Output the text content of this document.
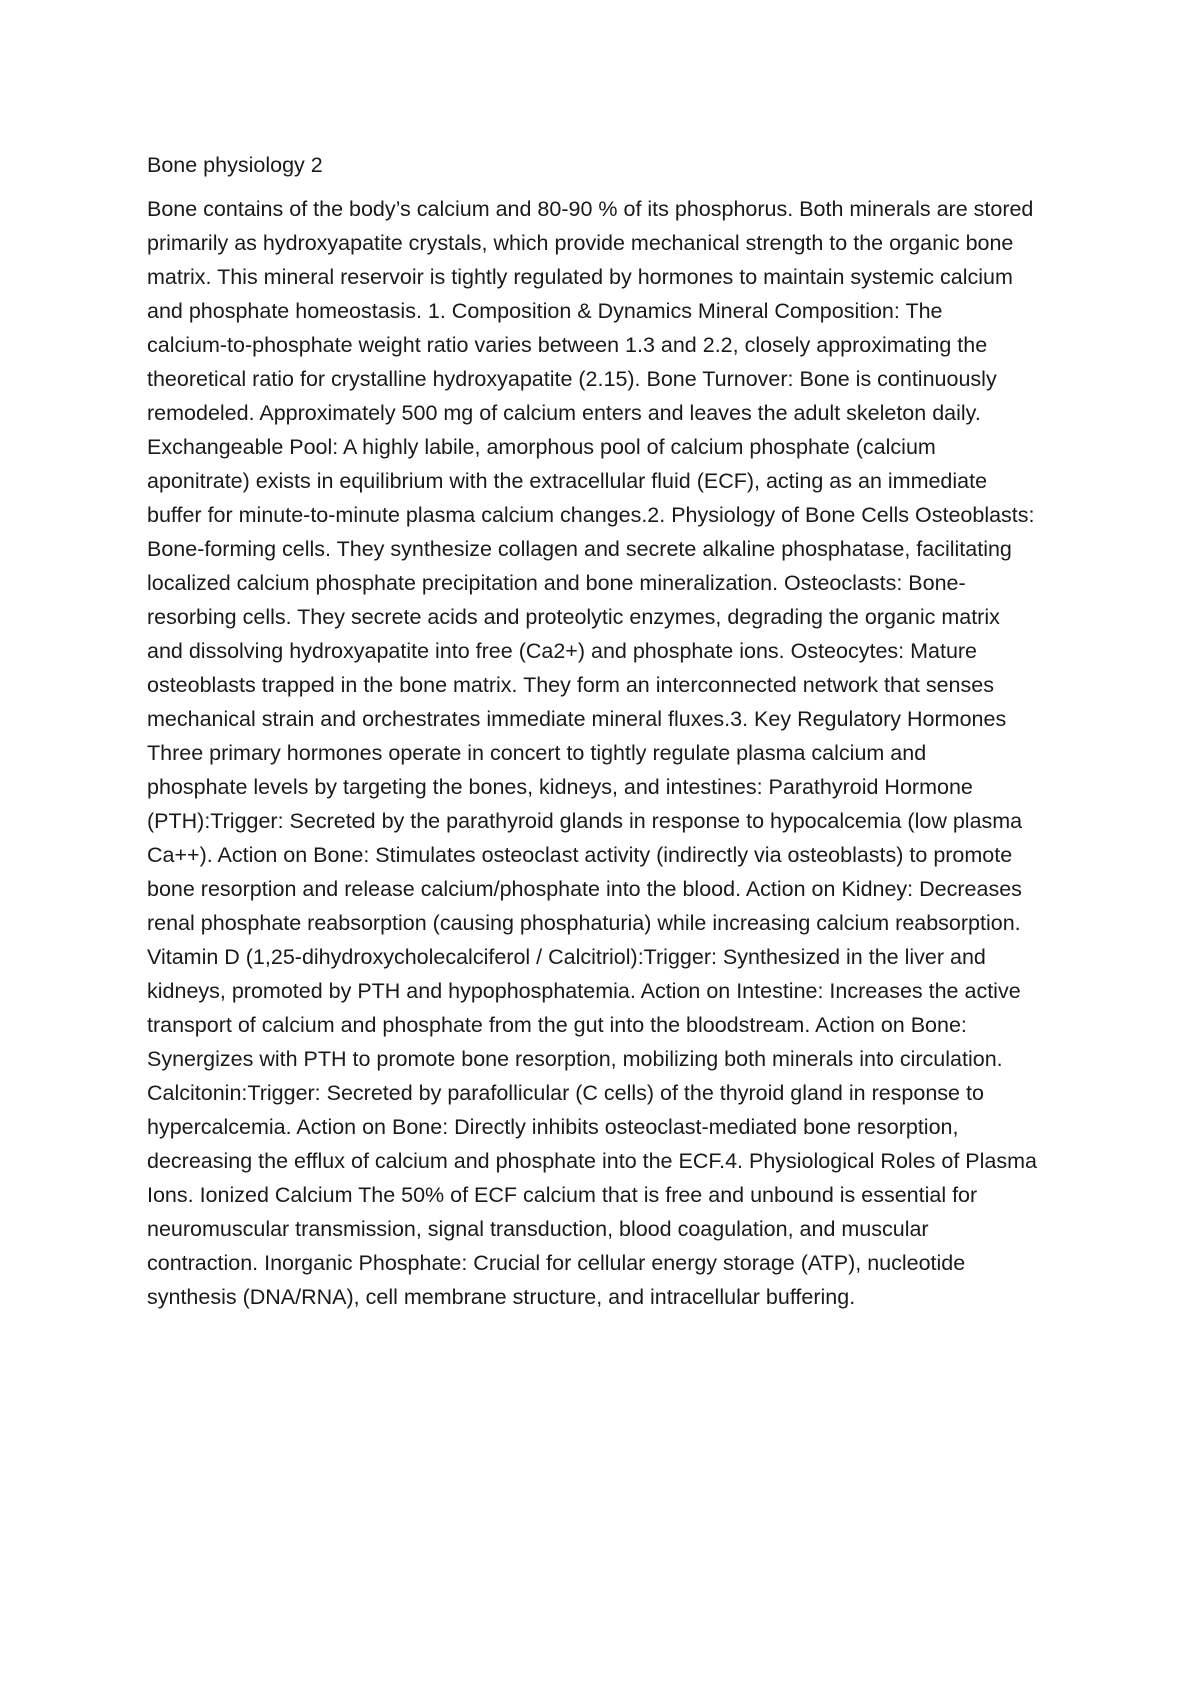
Bone physiology 2
Bone contains of the body’s calcium and 80-90 % of its phosphorus. Both minerals are stored
primarily as hydroxyapatite crystals, which provide mechanical strength to the organic bone
matrix. This mineral reservoir is tightly regulated by hormones to maintain systemic calcium
and phosphate homeostasis. 1. Composition & Dynamics Mineral Composition: The
calcium-to-phosphate weight ratio varies between 1.3 and 2.2, closely approximating the
theoretical ratio for crystalline hydroxyapatite (2.15). Bone Turnover: Bone is continuously
remodeled. Approximately 500 mg of calcium enters and leaves the adult skeleton daily.
Exchangeable Pool: A highly labile, amorphous pool of calcium phosphate (calcium
aponitrate) exists in equilibrium with the extracellular fluid (ECF), acting as an immediate
buffer for minute-to-minute plasma calcium changes.2. Physiology of Bone Cells Osteoblasts:
Bone-forming cells. They synthesize collagen and secrete alkaline phosphatase, facilitating
localized calcium phosphate precipitation and bone mineralization. Osteoclasts: Bone-
resorbing cells. They secrete acids and proteolytic enzymes, degrading the organic matrix
and dissolving hydroxyapatite into free (Ca2+) and phosphate ions. Osteocytes: Mature
osteoblasts trapped in the bone matrix. They form an interconnected network that senses
mechanical strain and orchestrates immediate mineral fluxes.3. Key Regulatory Hormones
Three primary hormones operate in concert to tightly regulate plasma calcium and
phosphate levels by targeting the bones, kidneys, and intestines: Parathyroid Hormone
(PTH):Trigger: Secreted by the parathyroid glands in response to hypocalcemia (low plasma
Ca++). Action on Bone: Stimulates osteoclast activity (indirectly via osteoblasts) to promote
bone resorption and release calcium/phosphate into the blood. Action on Kidney: Decreases
renal phosphate reabsorption (causing phosphaturia) while increasing calcium reabsorption.
Vitamin D (1,25-dihydroxycholecalciferol / Calcitriol):Trigger: Synthesized in the liver and
kidneys, promoted by PTH and hypophosphatemia. Action on Intestine: Increases the active
transport of calcium and phosphate from the gut into the bloodstream. Action on Bone:
Synergizes with PTH to promote bone resorption, mobilizing both minerals into circulation.
Calcitonin:Trigger: Secreted by parafollicular (C cells) of the thyroid gland in response to
hypercalcemia. Action on Bone: Directly inhibits osteoclast-mediated bone resorption,
decreasing the efflux of calcium and phosphate into the ECF.4. Physiological Roles of Plasma
Ions. Ionized Calcium The 50% of ECF calcium that is free and unbound is essential for
neuromuscular transmission, signal transduction, blood coagulation, and muscular
contraction. Inorganic Phosphate: Crucial for cellular energy storage (ATP), nucleotide
synthesis (DNA/RNA), cell membrane structure, and intracellular buffering.
